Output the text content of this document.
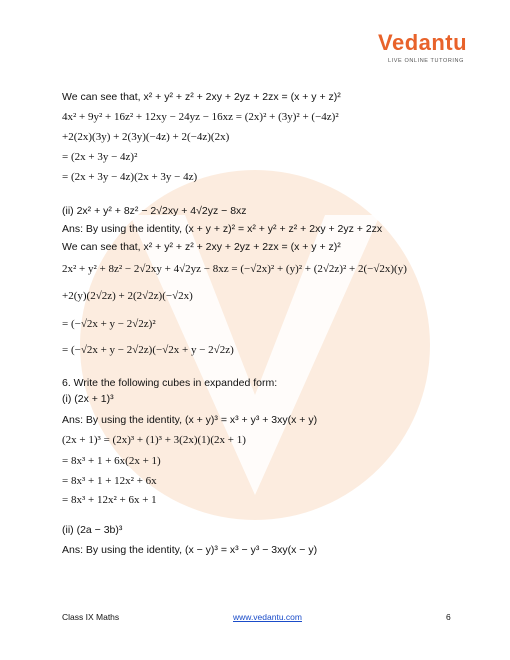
Vedantu
LIVE ONLINE TUTORING
We can see that, x² + y² + z² + 2xy + 2yz + 2zx = (x + y + z)²
4x² + 9y² + 16z² + 12xy − 24yz − 16xz = (2x)² + (3y)² + (−4z)²
+2(2x)(3y) + 2(3y)(−4z) + 2(−4z)(2x)
= (2x + 3y − 4z)²
= (2x + 3y − 4z)(2x + 3y − 4z)
(ii) 2x² + y² + 8z² − 2√2xy + 4√2yz − 8xz
Ans: By using the identity, (x + y + z)² = x² + y² + z² + 2xy + 2yz + 2zx
We can see that, x² + y² + z² + 2xy + 2yz + 2zx = (x + y + z)²
2x² + y² + 8z² − 2√2xy + 4√2yz − 8xz = (−√2x)² + (y)² + (2√2z)² + 2(−√2x)(y)
+2(y)(2√2z) + 2(2√2z)(−√2x)
= (−√2x + y − 2√2z)²
= (−√2x + y − 2√2z)(−√2x + y − 2√2z)
6. Write the following cubes in expanded form:
(i) (2x + 1)³
Ans: By using the identity, (x + y)³ = x³ + y³ + 3xy(x + y)
(2x + 1)³ = (2x)³ + (1)³ + 3(2x)(1)(2x + 1)
= 8x³ + 1 + 6x(2x + 1)
= 8x³ + 1 + 12x² + 6x
= 8x³ + 12x² + 6x + 1
(ii) (2a − 3b)³
Ans: By using the identity, (x − y)³ = x³ − y³ − 3xy(x − y)
Class IX Maths	www.vedantu.com	6
